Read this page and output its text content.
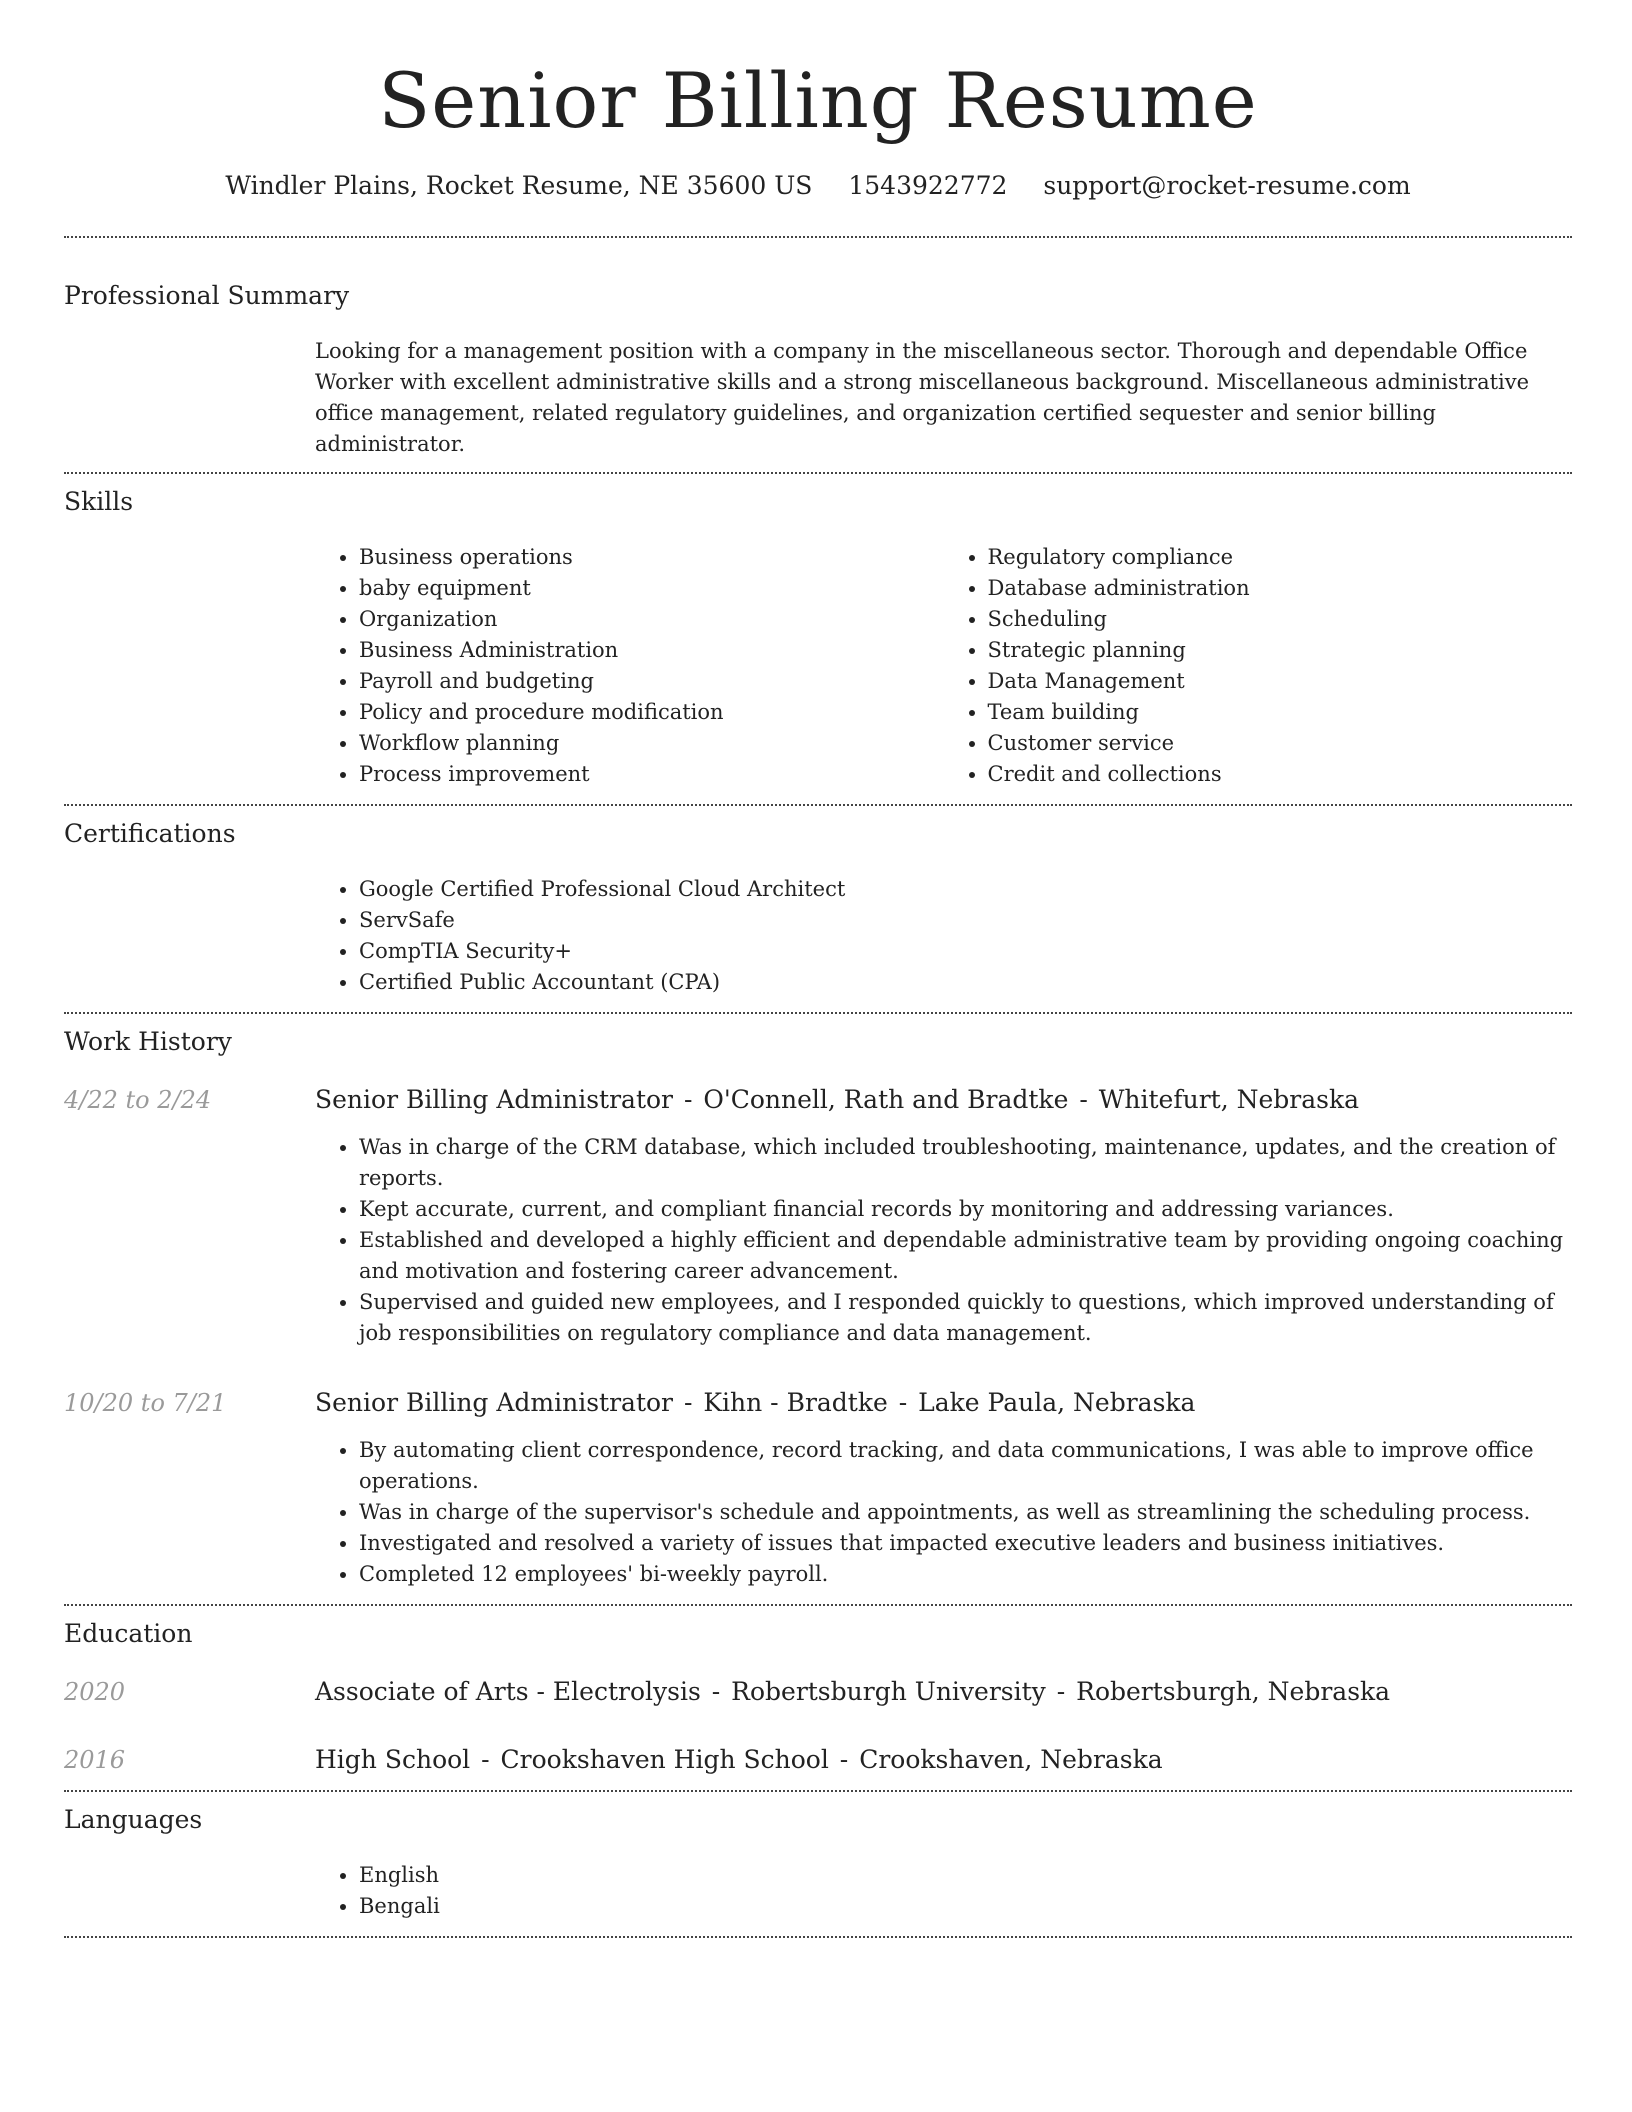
Senior Billing Resume
Windler Plains, Rocket Resume, NE 35600 US 1543922772 support@rocket-resume.com
Professional Summary
Looking for a management position with a company in the miscellaneous sector. Thorough and dependable Office Worker with excellent administrative skills and a strong miscellaneous background. Miscellaneous administrative office management, related regulatory guidelines, and organization certified sequester and senior billing administrator.
Skills
• Business operations
• baby equipment
• Organization
• Business Administration
• Payroll and budgeting
• Policy and procedure modification
• Workflow planning
• Process improvement
• Regulatory compliance
• Database administration
• Scheduling
• Strategic planning
• Data Management
• Team building
• Customer service
• Credit and collections
Certifications
• Google Certified Professional Cloud Architect
• ServSafe
• CompTIA Security+
• Certified Public Accountant (CPA)
Work History
4/22 to 2/24	Senior Billing Administrator - O'Connell, Rath and Bradtke - Whitefurt, Nebraska
• Was in charge of the CRM database, which included troubleshooting, maintenance, updates, and the creation of reports.
• Kept accurate, current, and compliant financial records by monitoring and addressing variances.
• Established and developed a highly efficient and dependable administrative team by providing ongoing coaching and motivation and fostering career advancement.
• Supervised and guided new employees, and I responded quickly to questions, which improved understanding of job responsibilities on regulatory compliance and data management.
10/20 to 7/21	Senior Billing Administrator - Kihn - Bradtke - Lake Paula, Nebraska
• By automating client correspondence, record tracking, and data communications, I was able to improve office operations.
• Was in charge of the supervisor's schedule and appointments, as well as streamlining the scheduling process.
• Investigated and resolved a variety of issues that impacted executive leaders and business initiatives.
• Completed 12 employees' bi-weekly payroll.
Education
2020	Associate of Arts - Electrolysis - Robertsburgh University - Robertsburgh, Nebraska
2016	High School - Crookshaven High School - Crookshaven, Nebraska
Languages
• English
• Bengali
